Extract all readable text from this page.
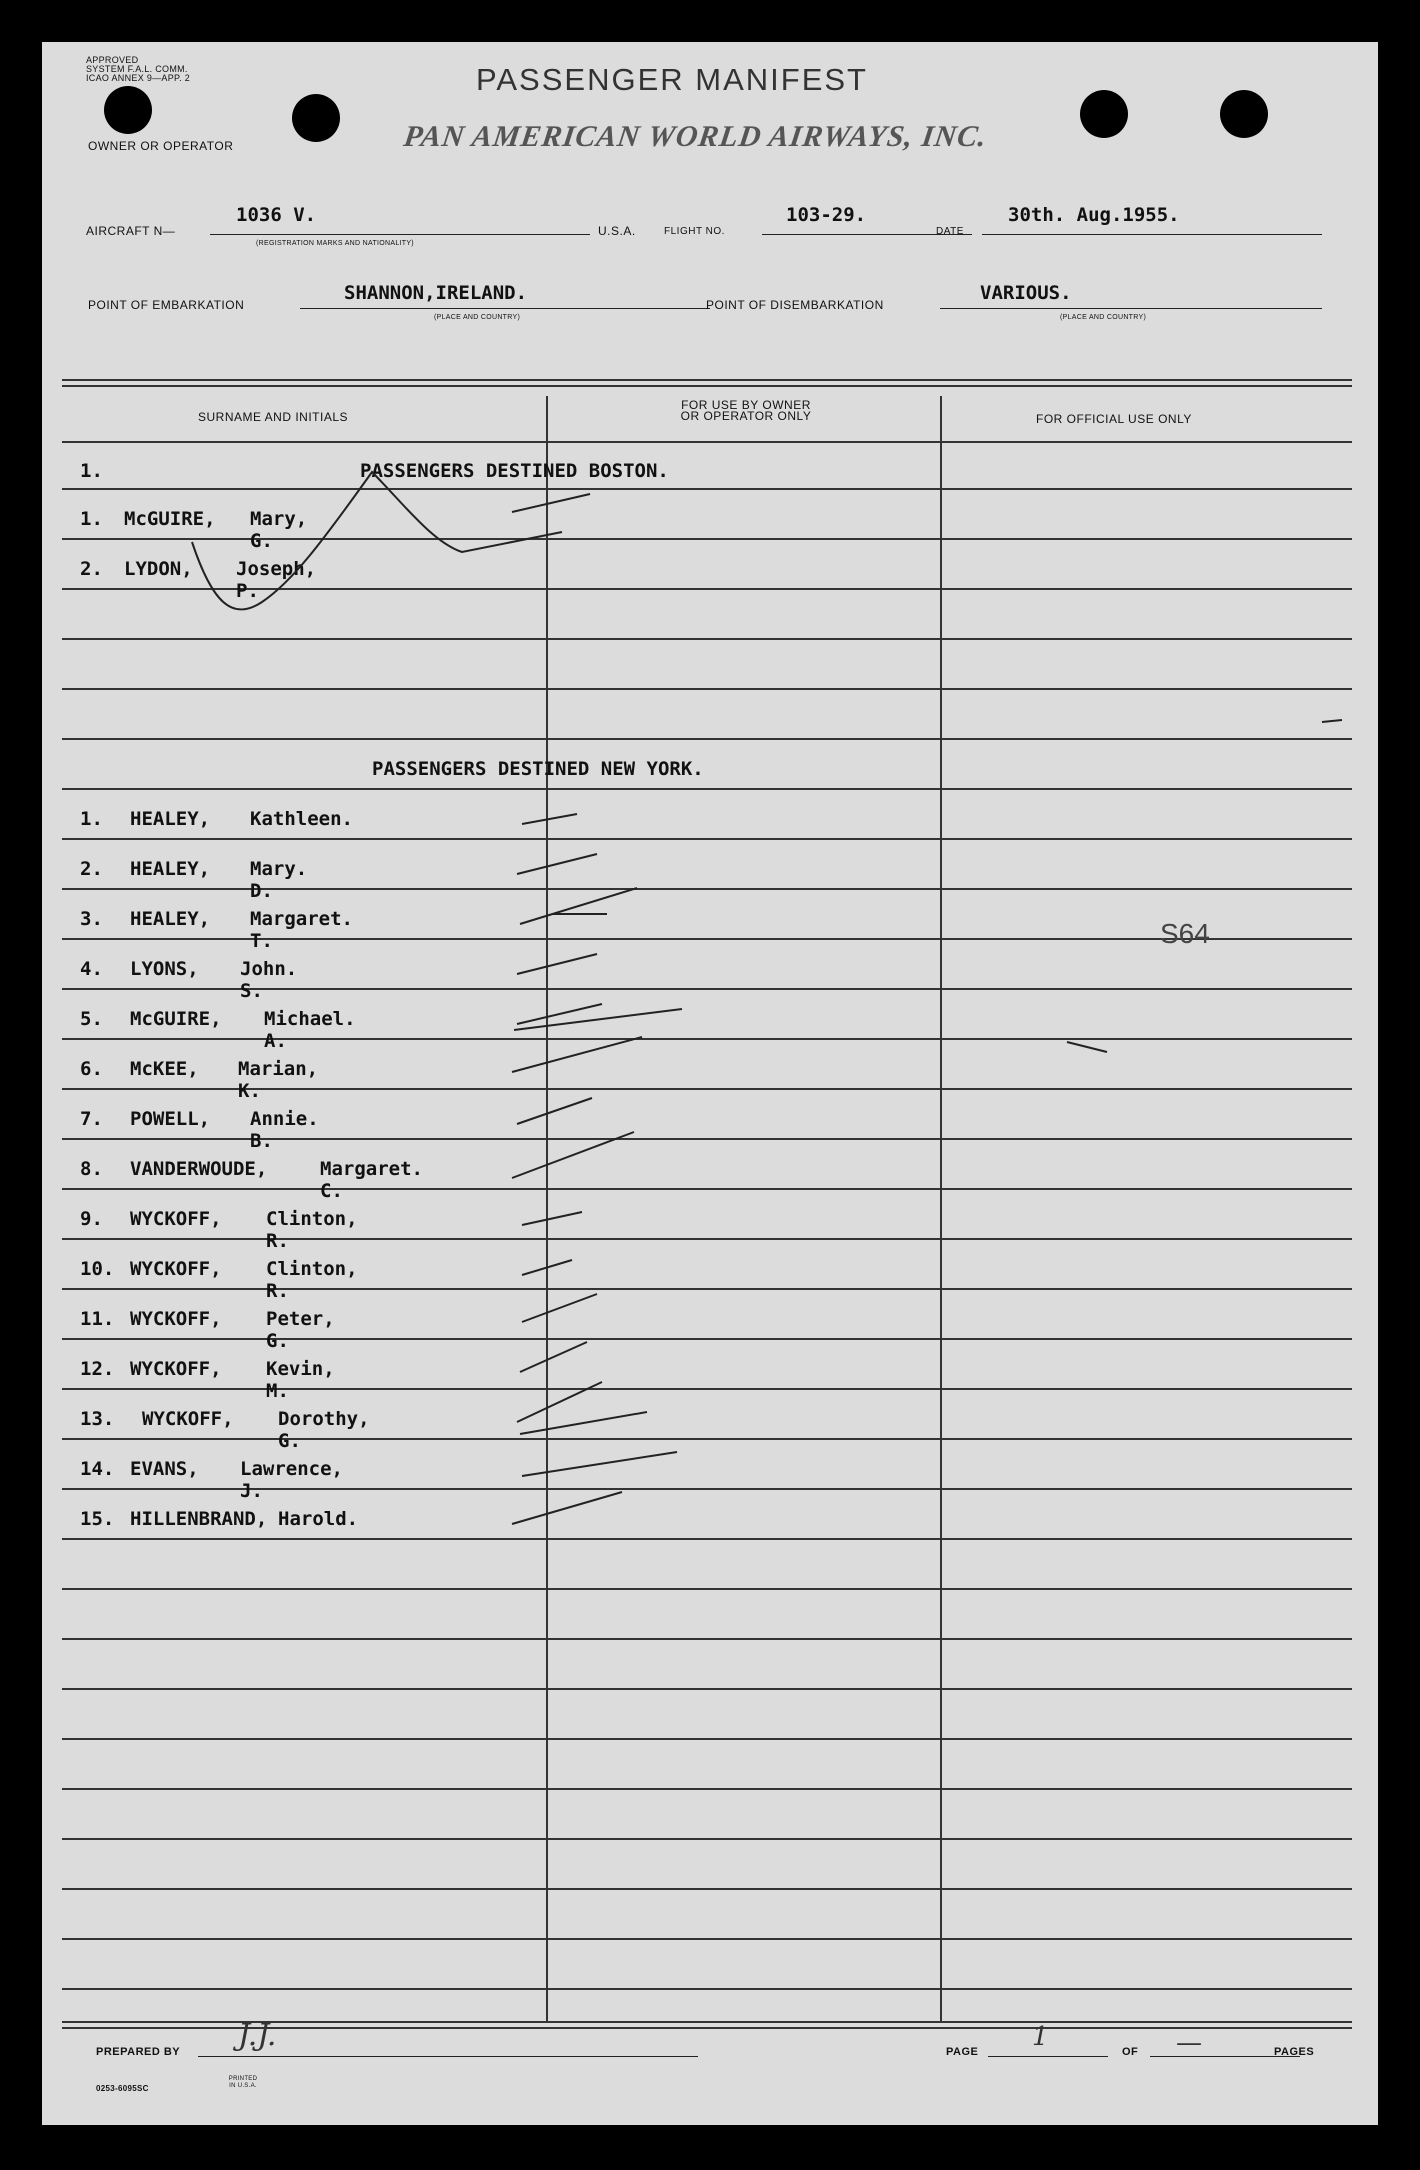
APPROVED
SYSTEM F.A.L. COMM.
ICAO ANNEX 9—APP. 2	PASSENGER MANIFEST
OWNER OR OPERATOR	PAN AMERICAN WORLD AIRWAYS, INC.
AIRCRAFT N—
1036 V.
(REGISTRATION MARKS AND NATIONALITY)
U.S.A.	FLIGHT NO.
103-29.
DATE
30th. Aug.1955.
POINT OF EMBARKATION
SHANNON,IRELAND.
(PLACE AND COUNTRY)
POINT OF DISEMBARKATION
VARIOUS.
(PLACE AND COUNTRY)
SURNAME AND INITIALS
FOR USE BY OWNER
OR OPERATOR ONLY	FOR OFFICIAL USE ONLY
1.	PASSENGERS DESTINED BOSTON.
1. McGUIRE, Mary, G.
2. LYDON, Joseph, P.
PASSENGERS DESTINED NEW YORK.
1. HEALEY, Kathleen.
2. HEALEY, Mary. D.
3. HEALEY, Margaret. T.
4. LYONS, John. S.
5. McGUIRE, Michael. A.
6. McKEE, Marian, K.
7. POWELL, Annie. B.
8. VANDERWOUDE,	Margaret. C.
9. WYCKOFF, Clinton, R.
10. WYCKOFF, Clinton, R.
11. WYCKOFF, Peter, G.
12. WYCKOFF, Kevin, M.
13. WYCKOFF, Dorothy, G.
14. EVANS, Lawrence, J.
15. HILLENBRAND, Harold.
S64
PREPARED BY J.J.	PAGE 1	OF —	PAGES
0253-6095SC
PRINTED IN U.S.A.
